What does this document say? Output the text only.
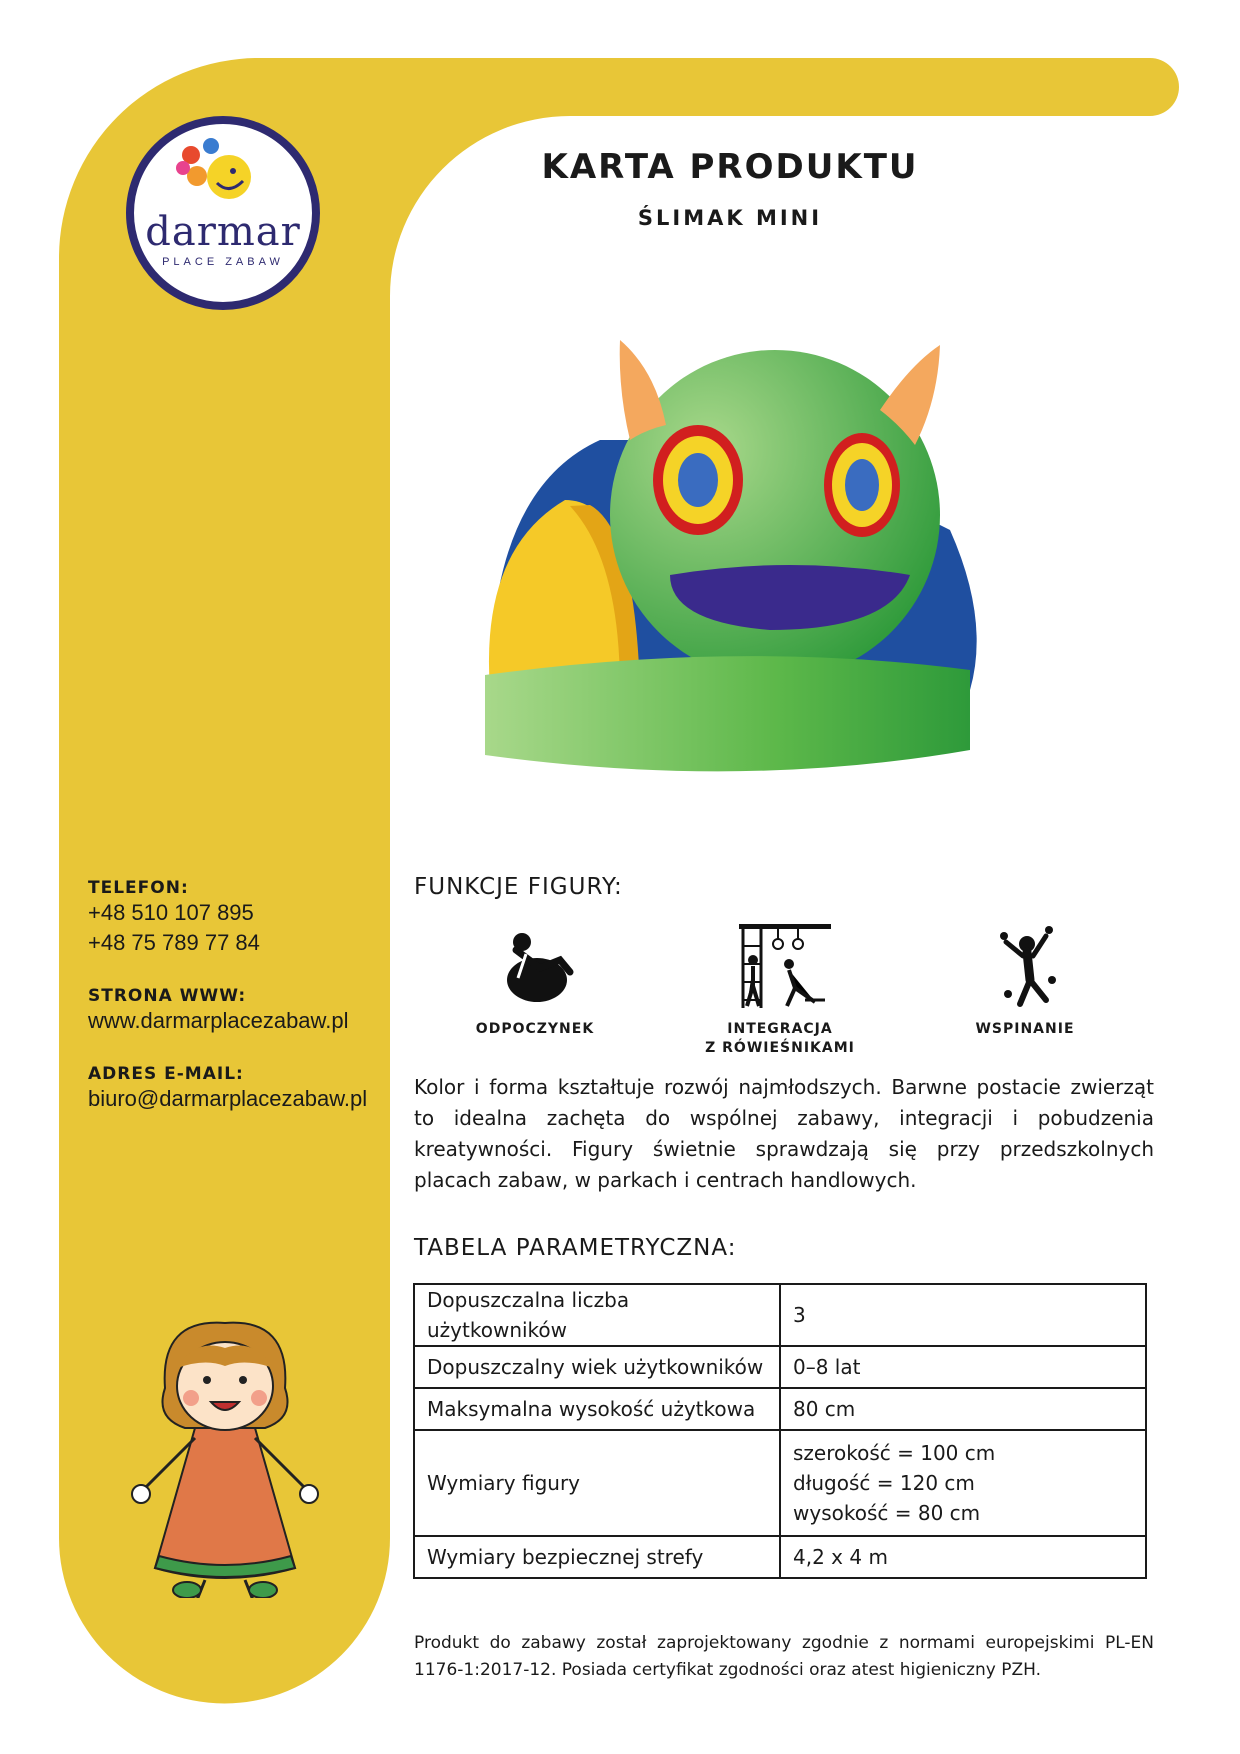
darmar
PLACE ZABAW
KARTA PRODUKTU
ŚLIMAK MINI

TELEFON:

+48 510 107 895

+48 75 789 77 84

STRONA WWW:

www.darmarplacezabaw.pl

ADRES E-MAIL:

biuro@darmarplacezabaw.pl

FUNKCJE FIGURY:
ODPOCZYNEK	INTEGRACJA
Z RÓWIEŚNIKAMI
WSPINANIE
Kolor i forma kształtuje rozwój najmłodszych. Barwne postacie zwierząt to idealna zachęta do wspólnej zabawy, integracji i pobudzenia kreatywności. Figury świetnie sprawdzają się przy przedszkolnych placach zabaw, w parkach i centrach handlowych.
TABELA PARAMETRYCZNA:
Dopuszczalna liczba użytkowników	3
Dopuszczalny wiek użytkowników	0–8 lat
Maksymalna wysokość użytkowa	80 cm
Wymiary figury	szerokość = 100 cm
długość = 120 cm
wysokość = 80 cm

Wymiary bezpiecznej strefy	4,2 x 4 m
Produkt do zabawy został zaprojektowany zgodnie z normami europejskimi PL-EN 1176-1:2017-12. Posiada certyfikat zgodności oraz atest higieniczny PZH.
